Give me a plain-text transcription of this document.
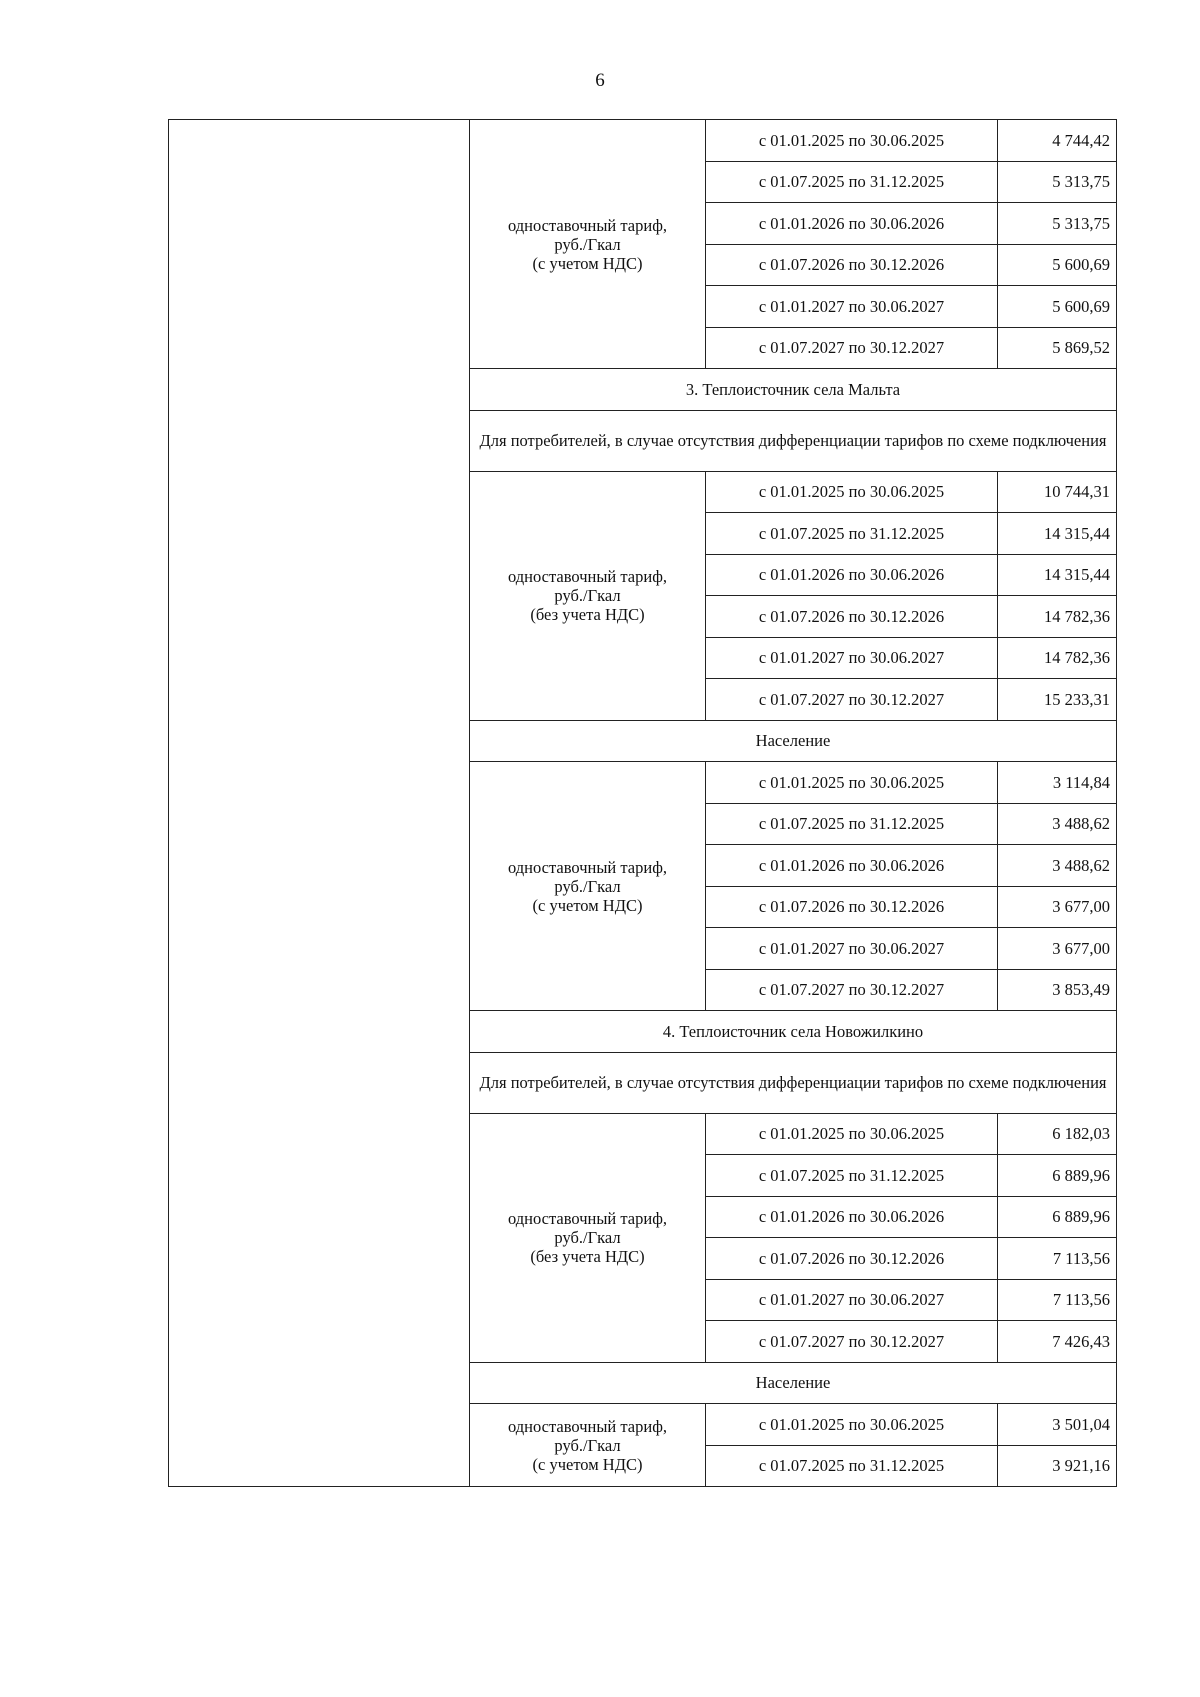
6

	одноставочный тариф,
руб./Гкал
(с учетом НДС)	с 01.01.2025 по 30.06.2025	4 744,42
		с 01.07.2025 по 31.12.2025	5 313,75
		с 01.01.2026 по 30.06.2026	5 313,75
		с 01.07.2026 по 30.12.2026	5 600,69
		с 01.01.2027 по 30.06.2027	5 600,69
		с 01.07.2027 по 30.12.2027	5 869,52
	3. Теплоисточник села Мальта		
	Для потребителей, в случае отсутствия дифференциации тарифов по схеме подключения		

	одноставочный тариф,
руб./Гкал
(без учета НДС)	с 01.01.2025 по 30.06.2025	10 744,31
		с 01.07.2025 по 31.12.2025	14 315,44
		с 01.01.2026 по 30.06.2026	14 315,44
		с 01.07.2026 по 30.12.2026	14 782,36
		с 01.01.2027 по 30.06.2027	14 782,36
		с 01.07.2027 по 30.12.2027	15 233,31
	Население		

	одноставочный тариф,
руб./Гкал
(с учетом НДС)	с 01.01.2025 по 30.06.2025	3 114,84
		с 01.07.2025 по 31.12.2025	3 488,62
		с 01.01.2026 по 30.06.2026	3 488,62
		с 01.07.2026 по 30.12.2026	3 677,00
		с 01.01.2027 по 30.06.2027	3 677,00
		с 01.07.2027 по 30.12.2027	3 853,49
	4. Теплоисточник села Новожилкино		
	Для потребителей, в случае отсутствия дифференциации тарифов по схеме подключения		

	одноставочный тариф,
руб./Гкал
(без учета НДС)	с 01.01.2025 по 30.06.2025	6 182,03
		с 01.07.2025 по 31.12.2025	6 889,96
		с 01.01.2026 по 30.06.2026	6 889,96
		с 01.07.2026 по 30.12.2026	7 113,56
		с 01.01.2027 по 30.06.2027	7 113,56
		с 01.07.2027 по 30.12.2027	7 426,43
	Население		

	одноставочный тариф,
руб./Гкал
(с учетом НДС)	с 01.01.2025 по 30.06.2025	3 501,04
		с 01.07.2025 по 31.12.2025	3 921,16
